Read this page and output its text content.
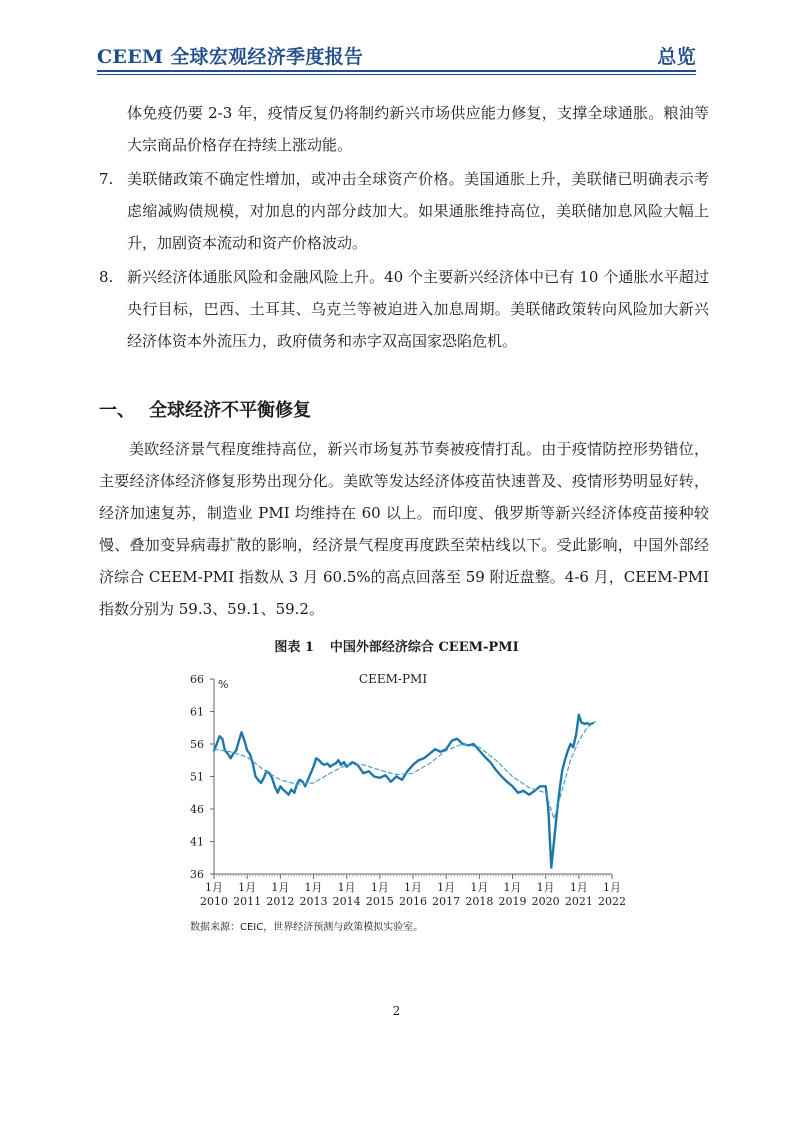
CEEM 全球宏观经济季度报告	总览
体免疫仍要 2-3 年，疫情反复仍将制约新兴市场供应能力修复，支撑全球通胀。粮油等大宗商品价格存在持续上涨动能。
7. 美联储政策不确定性增加，或冲击全球资产价格。美国通胀上升，美联储已明确表示考虑缩减购债规模，对加息的内部分歧加大。如果通胀维持高位，美联储加息风险大幅上升，加剧资本流动和资产价格波动。
8. 新兴经济体通胀风险和金融风险上升。40 个主要新兴经济体中已有 10 个通胀水平超过央行目标，巴西、土耳其、乌克兰等被迫进入加息周期。美联储政策转向风险加大新兴经济体资本外流压力，政府债务和赤字双高国家恐陷危机。
一、 全球经济不平衡修复
美欧经济景气程度维持高位，新兴市场复苏节奏被疫情打乱。由于疫情防控形势错位，主要经济体经济修复形势出现分化。美欧等发达经济体疫苗快速普及、疫情形势明显好转，经济加速复苏，制造业 PMI 均维持在 60 以上。而印度、俄罗斯等新兴经济体疫苗接种较慢、叠加变异病毒扩散的影响，经济景气程度再度跌至荣枯线以下。受此影响，中国外部经济综合 CEEM-PMI 指数从 3 月 60.5%的高点回落至 59 附近盘整。4-6 月，CEEM-PMI 指数分别为 59.3、59.1、59.2。
图表 1 中国外部经济综合 CEEM-PMI
66
61
56
51
46
41
36
%
1月
2010
1月
2011
1月
2012
1月
2013
1月
2014
1月
2015
1月
2016
1月
2017
1月
2018
1月
2019
1月
2020
1月
2021
1月
2022
CEEM-PMI
数据来源：CEIC，世界经济预测与政策模拟实验室。
2
